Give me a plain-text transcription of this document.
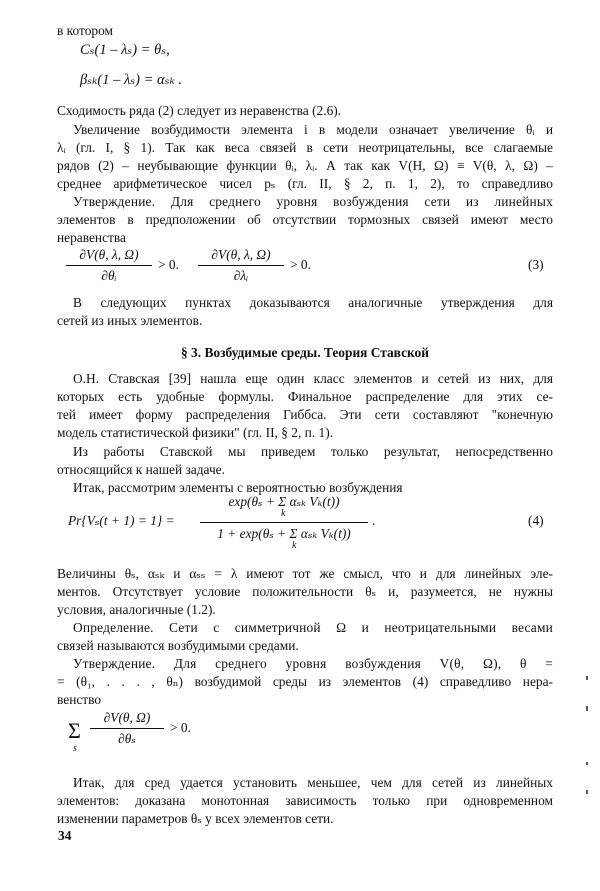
в котором
Cₛ(1 – λₛ) = θₛ,
βₛₖ(1 – λₛ) = αₛₖ .
Сходимость ряда (2) следует из неравенства (2.6).
Увеличение возбудимости элемента i в модели означает увеличение θᵢ и
λᵢ (гл. I, § 1). Так как веса связей в сети неотрицательны, все слагаемые
рядов (2) – неубывающие функции θᵢ, λᵢ. А так как V(H, Ω) ≡ V(θ, λ, Ω) –
среднее арифметическое чисел pₛ (гл. II, § 2, п. 1, 2), то справедливо
Утверждение. Для среднего уровня возбуждения сети из линейных
элементов в предположении об отсутствии тормозных связей имеют место
неравенства
∂V(θ, λ, Ω)
∂θᵢ
> 0.
∂V(θ, λ, Ω)
∂λᵢ
> 0.	(3)
В следующих пунктах доказываются аналогичные утверждения для
сетей из иных элементов.
§ 3. Возбудимые среды. Теория Ставской
О.Н. Ставская [39] нашла еще один класс элементов и сетей из них, для
которых есть удобные формулы. Финальное распределение для этих се-
тей имеет форму распределения Гиббса. Эти сети составляют "конечную
модель статистической физики" (гл. II, § 2, п. 1).
Из работы Ставской мы приведем только результат, непосредственно
относящийся к нашей задаче.
Итак, рассмотрим элементы с вероятностью возбуждения
Pr{Vₛ(t + 1) = 1} =
exp(θₛ + Σ αₛₖ Vₖ(t))
k
1 + exp(θₛ + Σ αₛₖ Vₖ(t))
k
.	(4)
Величины θₛ, αₛₖ и αₛₛ = λ имеют тот же смысл, что и для линейных эле-
ментов. Отсутствует условие положительности θₛ и, разумеется, не нужны
условия, аналогичные (1.2).
Определение. Сети с симметричной Ω и неотрицательными весами
связей называются возбудимыми средами.
Утверждение. Для среднего уровня возбуждения V(θ, Ω), θ =
= (θ₁, . . . , θₙ) возбудимой среды из элементов (4) справедливо нера-
венство
Σ
s
∂V(θ, Ω)
∂θₛ
> 0.
Итак, для сред удается установить меньшее, чем для сетей из линейных
элементов: доказана монотонная зависимость только при одновременном
изменении параметров θₛ у всех элементов сети.
34
